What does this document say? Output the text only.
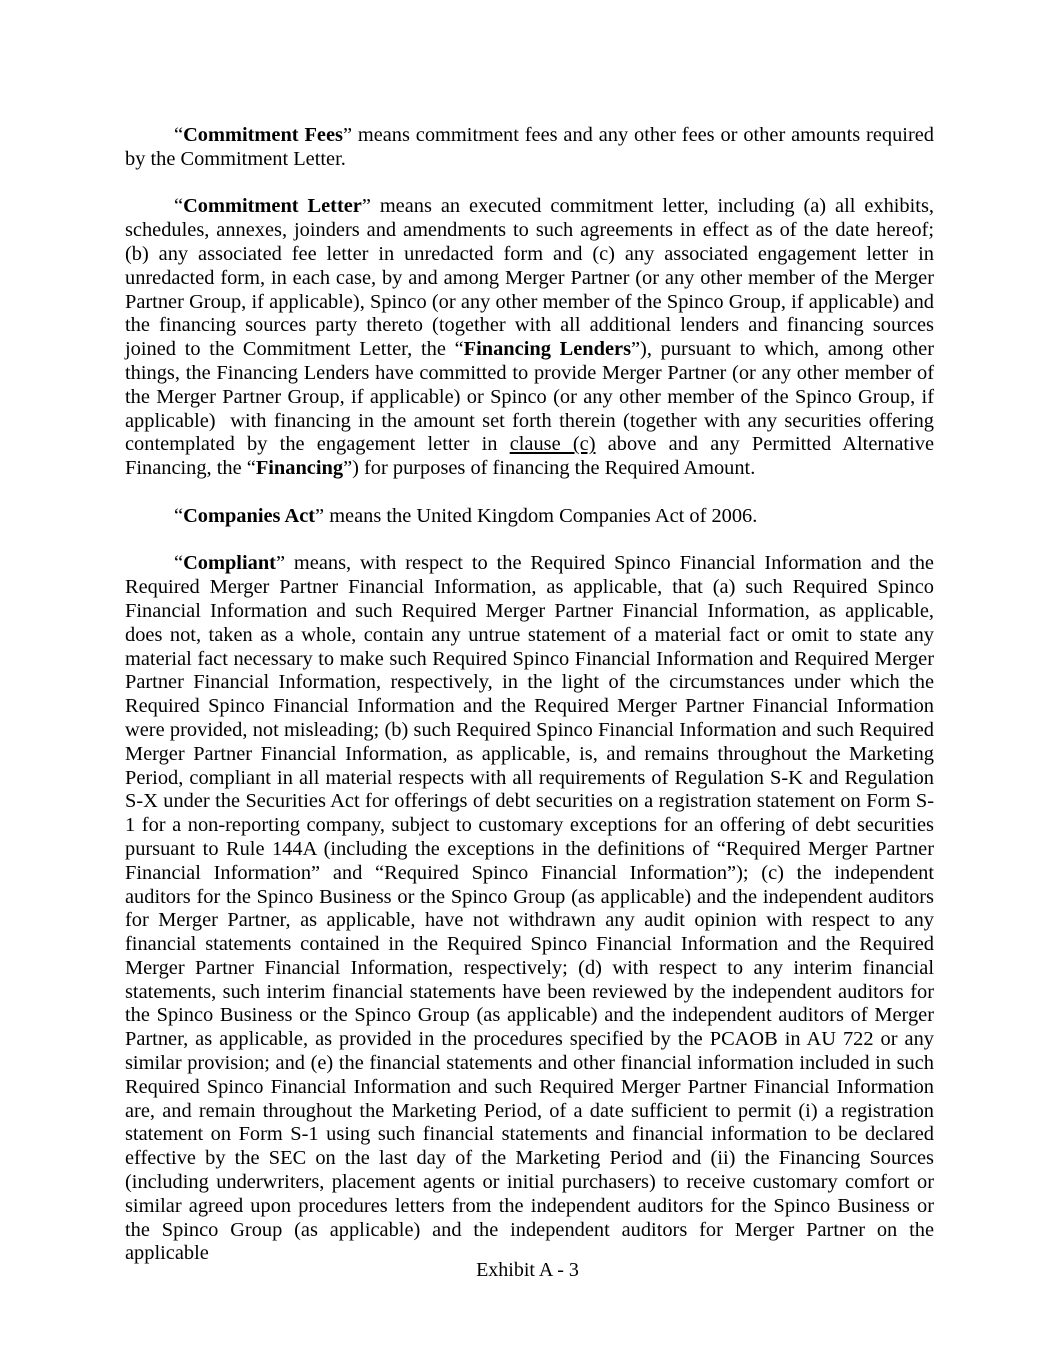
“Commitment Fees” means commitment fees and any other fees or other amounts required by the Commitment Letter.

“Commitment Letter” means an executed commitment letter, including (a) all exhibits, schedules, annexes, joinders and amendments to such agreements in effect as of the date hereof; (b) any associated fee letter in unredacted form and (c) any associated engagement letter in unredacted form, in each case, by and among Merger Partner (or any other member of the Merger Partner Group, if applicable), Spinco (or any other member of the Spinco Group, if applicable) and the financing sources party thereto (together with all additional lenders and financing sources joined to the Commitment Letter, the “Financing Lenders”), pursuant to which, among other things, the Financing Lenders have committed to provide Merger Partner (or any other member of the Merger Partner Group, if applicable) or Spinco (or any other member of the Spinco Group, if applicable)  with financing in the amount set forth therein (together with any securities offering contemplated by the engagement letter in clause (c) above and any Permitted Alternative Financing, the “Financing”) for purposes of financing the Required Amount.

“Companies Act” means the United Kingdom Companies Act of 2006.

“Compliant” means, with respect to the Required Spinco Financial Information and the Required Merger Partner Financial Information, as applicable, that (a) such Required Spinco Financial Information and such Required Merger Partner Financial Information, as applicable, does not, taken as a whole, contain any untrue statement of a material fact or omit to state any material fact necessary to make such Required Spinco Financial Information and Required Merger Partner Financial Information, respectively, in the light of the circumstances under which the Required Spinco Financial Information and the Required Merger Partner Financial Information were provided, not misleading; (b) such Required Spinco Financial Information and such Required Merger Partner Financial Information, as applicable, is, and remains throughout the Marketing Period, compliant in all material respects with all requirements of Regulation S-K and Regulation S-X under the Securities Act for offerings of debt securities on a registration statement on Form S-1 for a non-reporting company, subject to customary exceptions for an offering of debt securities pursuant to Rule 144A (including the exceptions in the definitions of “Required Merger Partner Financial Information” and “Required Spinco Financial Information”); (c) the independent auditors for the Spinco Business or the Spinco Group (as applicable) and the independent auditors for Merger Partner, as applicable, have not withdrawn any audit opinion with respect to any financial statements contained in the Required Spinco Financial Information and the Required Merger Partner Financial Information, respectively; (d) with respect to any interim financial statements, such interim financial statements have been reviewed by the independent auditors for the Spinco Business or the Spinco Group (as applicable) and the independent auditors of Merger Partner, as applicable, as provided in the procedures specified by the PCAOB in AU 722 or any similar provision; and (e) the financial statements and other financial information included in such Required Spinco Financial Information and such Required Merger Partner Financial Information are, and remain throughout the Marketing Period, of a date sufficient to permit (i) a registration statement on Form S-1 using such financial statements and financial information to be declared effective by the SEC on the last day of the Marketing Period and (ii) the Financing Sources (including underwriters, placement agents or initial purchasers) to receive customary comfort or similar agreed upon procedures letters from the independent auditors for the Spinco Business or the Spinco Group (as applicable) and the independent auditors for Merger Partner on the applicable

Exhibit A - 3
